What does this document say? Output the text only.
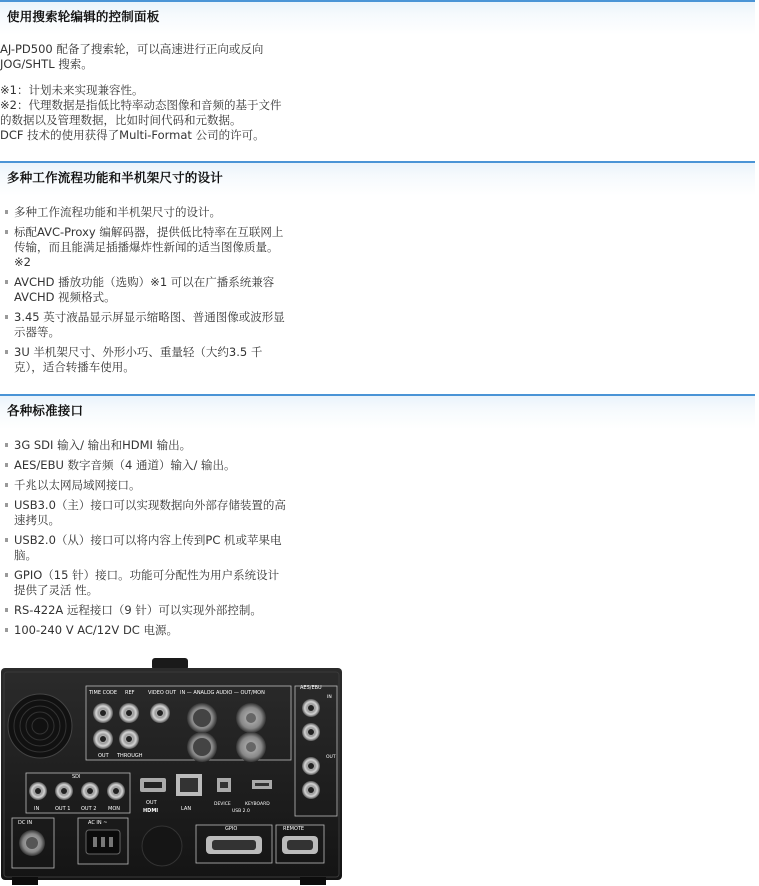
使用搜索轮编辑的控制面板
AJ-PD500 配备了搜索轮，可以高速进行正向或反向
JOG/SHTL 搜索。
※1：计划未来实现兼容性。
※2：代理数据是指低比特率动态图像和音频的基于文件
的数据以及管理数据，比如时间代码和元数据。
DCF 技术的使用获得了Multi-Format 公司的许可。
多种工作流程功能和半机架尺寸的设计
多种工作流程功能和半机架尺寸的设计。
标配AVC-Proxy 编解码器，提供低比特率在互联网上
传输，而且能满足插播爆炸性新闻的适当图像质量。
※2
AVCHD 播放功能（选购）※1 可以在广播系统兼容
AVCHD 视频格式。
3.45 英寸液晶显示屏显示缩略图、普通图像或波形显
示器等。
3U 半机架尺寸、外形小巧、重量轻（大约3.5 千
克），适合转播车使用。
各种标准接口
3G SDI 输入/ 输出和HDMI 输出。
AES/EBU 数字音频（4 通道）输入/ 输出。
千兆以太网局域网接口。
USB3.0（主）接口可以实现数据向外部存储装置的高
速拷贝。
USB2.0（从）接口可以将内容上传到PC 机或苹果电
脑。
GPIO（15 针）接口。功能可分配性为用户系统设计
提供了灵活 性。
RS-422A 远程接口（9 针）可以实现外部控制。
100-240 V AC/12V DC 电源。
TIME CODE REF	VIDEO OUT IN — ANALOG AUDIO — OUT/MON
AES/EBU
OUT THROUGH
IN
OUT
SDI
IN	OUT 1 OUT 2 MON
OUT
HDMI	LAN
DEVICE	KEYBOARD
USB 2.0
DC IN	AC IN ~
GPIO	REMOTE
